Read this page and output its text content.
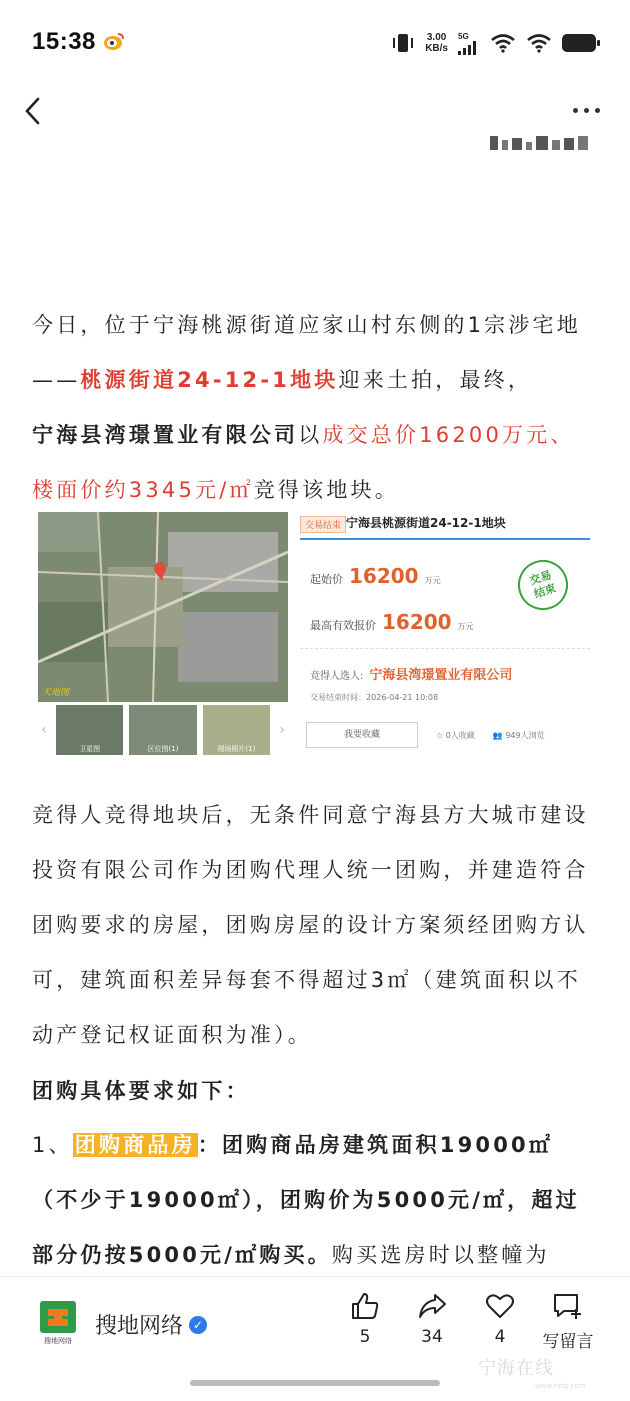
15:38	3.00
KB/s
5G
今日，位于宁海桃源街道应家山村东侧的1宗涉宅地——桃源街道24-12-1地块迎来土拍，最终，
宁海县湾璟置业有限公司以成交总价16200万元、楼面价约3345元/㎡竞得该地块。
天地图
‹
卫星图	区位图(1)	现场照片(1)
›
交易结束 宁海县桃源街道24-12-1地块
起始价 16200 万元
最高有效报价 16200 万元
交易
结束
竞得人选人: 宁海县湾璟置业有限公司
交易结束时间：2026-04-21 10:08
我要收藏	☆ 0人收藏 👥 949人浏览
竞得人竞得地块后，无条件同意宁海县方大城市建设投资有限公司作为团购代理人统一团购，并建造符合团购要求的房屋，团购房屋的设计方案须经团购方认可，建筑面积差异每套不得超过3㎡（建筑面积以不动产登记权证面积为准）。
团购具体要求如下：
1、团购商品房：团购商品房建筑面积19000㎡（不少于19000㎡），团购价为5000元/㎡，超过部分仍按5000元/㎡购买。购买选房时以整幢为
搜地网络
搜地网络 ✓
5	34	4	写留言
宁海在线
www.nhzj.com
